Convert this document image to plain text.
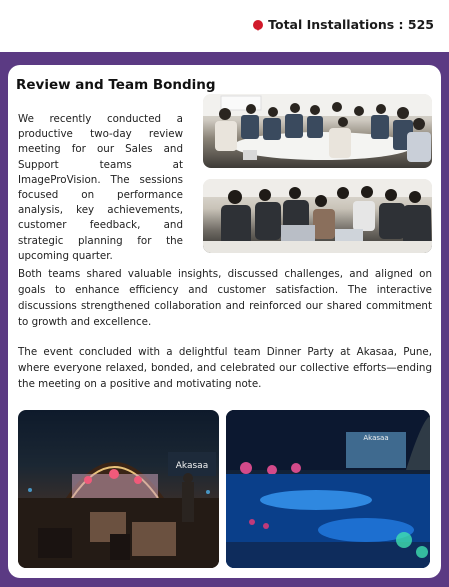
Total Installations : 525
Review and Team Bonding

We recently conducted a productive two-day review meeting for our Sales and Support teams at ImageProVision. The sessions focused on performance analysis, key achievements, customer feedback, and strategic planning for the upcoming quarter.

Both teams shared valuable insights, discussed challenges, and aligned on goals to enhance efficiency and customer satisfaction. The interactive discussions strengthened collaboration and reinforced our shared commitment to growth and excellence.

The event concluded with a delightful team Dinner Party at Akasaa, Pune, where everyone relaxed, bonded, and celebrated our collective efforts—ending the meeting on a positive and motivating note.

Akasaa
Akasaa
